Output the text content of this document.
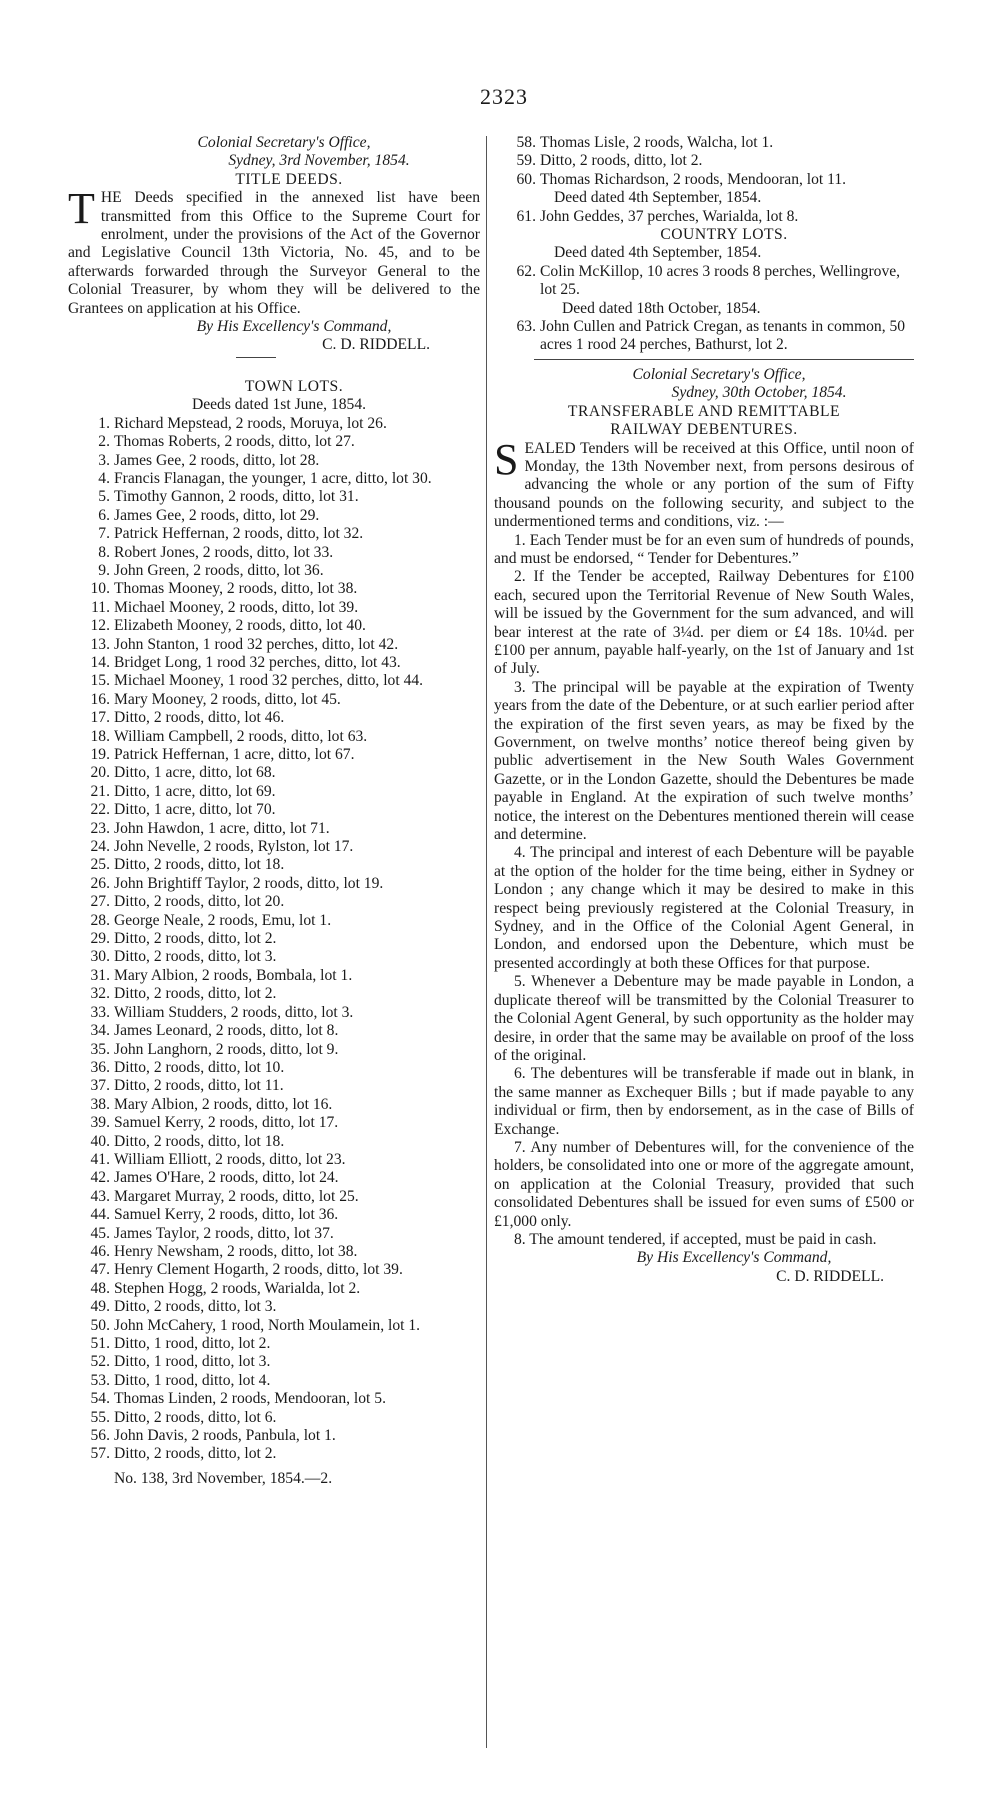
2323
Colonial Secretary's Office,
Sydney, 3rd November, 1854.
TITLE DEEDS.
THE Deeds specified in the annexed list have been transmitted from this Office to the Supreme Court for enrolment, under the provisions of the Act of the Governor and Legislative Council 13th Victoria, No. 45, and to be afterwards forwarded through the Surveyor General to the Colonial Treasurer, by whom they will be delivered to the Grantees on application at his Office.
By His Excellency's Command,
C. D. RIDDELL.
TOWN LOTS.
Deeds dated 1st June, 1854.
1. Richard Mepstead, 2 roods, Moruya, lot 26.
2. Thomas Roberts, 2 roods, ditto, lot 27.
3. James Gee, 2 roods, ditto, lot 28.
4. Francis Flanagan, the younger, 1 acre, ditto, lot 30.
5. Timothy Gannon, 2 roods, ditto, lot 31.
6. James Gee, 2 roods, ditto, lot 29.
7. Patrick Heffernan, 2 roods, ditto, lot 32.
8. Robert Jones, 2 roods, ditto, lot 33.
9. John Green, 2 roods, ditto, lot 36.
10. Thomas Mooney, 2 roods, ditto, lot 38.
11. Michael Mooney, 2 roods, ditto, lot 39.
12. Elizabeth Mooney, 2 roods, ditto, lot 40.
13. John Stanton, 1 rood 32 perches, ditto, lot 42.
14. Bridget Long, 1 rood 32 perches, ditto, lot 43.
15. Michael Mooney, 1 rood 32 perches, ditto, lot 44.
16. Mary Mooney, 2 roods, ditto, lot 45.
17. Ditto, 2 roods, ditto, lot 46.
18. William Campbell, 2 roods, ditto, lot 63.
19. Patrick Heffernan, 1 acre, ditto, lot 67.
20. Ditto, 1 acre, ditto, lot 68.
21. Ditto, 1 acre, ditto, lot 69.
22. Ditto, 1 acre, ditto, lot 70.
23. John Hawdon, 1 acre, ditto, lot 71.
24. John Nevelle, 2 roods, Rylston, lot 17.
25. Ditto, 2 roods, ditto, lot 18.
26. John Brightiff Taylor, 2 roods, ditto, lot 19.
27. Ditto, 2 roods, ditto, lot 20.
28. George Neale, 2 roods, Emu, lot 1.
29. Ditto, 2 roods, ditto, lot 2.
30. Ditto, 2 roods, ditto, lot 3.
31. Mary Albion, 2 roods, Bombala, lot 1.
32. Ditto, 2 roods, ditto, lot 2.
33. William Studders, 2 roods, ditto, lot 3.
34. James Leonard, 2 roods, ditto, lot 8.
35. John Langhorn, 2 roods, ditto, lot 9.
36. Ditto, 2 roods, ditto, lot 10.
37. Ditto, 2 roods, ditto, lot 11.
38. Mary Albion, 2 roods, ditto, lot 16.
39. Samuel Kerry, 2 roods, ditto, lot 17.
40. Ditto, 2 roods, ditto, lot 18.
41. William Elliott, 2 roods, ditto, lot 23.
42. James O'Hare, 2 roods, ditto, lot 24.
43. Margaret Murray, 2 roods, ditto, lot 25.
44. Samuel Kerry, 2 roods, ditto, lot 36.
45. James Taylor, 2 roods, ditto, lot 37.
46. Henry Newsham, 2 roods, ditto, lot 38.
47. Henry Clement Hogarth, 2 roods, ditto, lot 39.
48. Stephen Hogg, 2 roods, Warialda, lot 2.
49. Ditto, 2 roods, ditto, lot 3.
50. John McCahery, 1 rood, North Moulamein, lot 1.
51. Ditto, 1 rood, ditto, lot 2.
52. Ditto, 1 rood, ditto, lot 3.
53. Ditto, 1 rood, ditto, lot 4.
54. Thomas Linden, 2 roods, Mendooran, lot 5.
55. Ditto, 2 roods, ditto, lot 6.
56. John Davis, 2 roods, Panbula, lot 1.
57. Ditto, 2 roods, ditto, lot 2.
No. 138, 3rd November, 1854.—2.
58. Thomas Lisle, 2 roods, Walcha, lot 1.
59. Ditto, 2 roods, ditto, lot 2.
60. Thomas Richardson, 2 roods, Mendooran, lot 11.
Deed dated 4th September, 1854.
61. John Geddes, 37 perches, Warialda, lot 8.
COUNTRY LOTS.
Deed dated 4th September, 1854.
62. Colin McKillop, 10 acres 3 roods 8 perches, Wellingrove, lot 25.
Deed dated 18th October, 1854.
63. John Cullen and Patrick Cregan, as tenants in common, 50 acres 1 rood 24 perches, Bathurst, lot 2.
Colonial Secretary's Office,
Sydney, 30th October, 1854.
TRANSFERABLE AND REMITTABLE
RAILWAY DEBENTURES.
SEALED Tenders will be received at this Office, until noon of Monday, the 13th November next, from persons desirous of advancing the whole or any portion of the sum of Fifty thousand pounds on the following security, and subject to the undermentioned terms and conditions, viz. :—

1. Each Tender must be for an even sum of hundreds of pounds, and must be endorsed, “ Tender for Debentures.”

2. If the Tender be accepted, Railway Debentures for £100 each, secured upon the Territorial Revenue of New South Wales, will be issued by the Government for the sum advanced, and will bear interest at the rate of 3¼d. per diem or £4 18s. 10¼d. per £100 per annum, payable half-yearly, on the 1st of January and 1st of July.

3. The principal will be payable at the expiration of Twenty years from the date of the Debenture, or at such earlier period after the expiration of the first seven years, as may be fixed by the Government, on twelve months’ notice thereof being given by public advertisement in the New South Wales Government Gazette, or in the London Gazette, should the Debentures be made payable in England. At the expiration of such twelve months’ notice, the interest on the Debentures mentioned therein will cease and determine.

4. The principal and interest of each Debenture will be payable at the option of the holder for the time being, either in Sydney or London ; any change which it may be desired to make in this respect being previously registered at the Colonial Treasury, in Sydney, and in the Office of the Colonial Agent General, in London, and endorsed upon the Debenture, which must be presented accordingly at both these Offices for that purpose.

5. Whenever a Debenture may be made payable in London, a duplicate thereof will be transmitted by the Colonial Treasurer to the Colonial Agent General, by such opportunity as the holder may desire, in order that the same may be available on proof of the loss of the original.

6. The debentures will be transferable if made out in blank, in the same manner as Exchequer Bills ; but if made payable to any individual or firm, then by endorsement, as in the case of Bills of Exchange.

7. Any number of Debentures will, for the convenience of the holders, be consolidated into one or more of the aggregate amount, on application at the Colonial Treasury, provided that such consolidated Debentures shall be issued for even sums of £500 or £1,000 only.

8. The amount tendered, if accepted, must be paid in cash.

By His Excellency's Command,
C. D. RIDDELL.
